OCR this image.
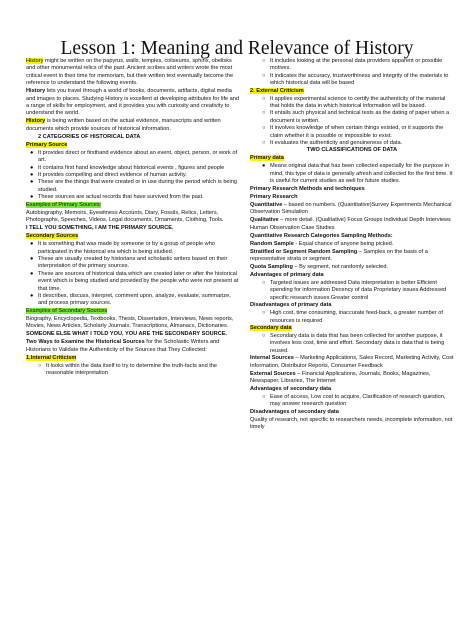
Lesson 1: Meaning and Relevance of History

History might be written on the papyrus, walls, temples, coliseums, sphinx, obelisks and other monumental relics of the past. Ancient scribes and writers wrote the most critical event in their time for memoriam, but their written text eventually become the reference to understand the following events.

History lets you travel through a world of books, documents, artifacts, digital media and images to places. Studying History is excellent at developing attributes for life and a range of skills for employment, and it provides you with curiosity and creativity to understand the world.

History is being written based on the actual evidence, manuscripts and written documents which provide sources of historical information.

2 CATEGORIES OF HISTORICAL DATA

Primary Source

● It provides direct or firsthand evidence about an event, object, person, or work of art.

● It contains first hand knowledge about historical events , figures and people

● It provides compelling and direct evidence of human activity.

● These are the things that were created or in use during the period which is being studied.

● These sources are actual records that have survived from the past.

Examples of Primary Sources:

Autobiography, Memoirs, Eyewitness Accounts, Diary, Fossils, Relics, Letters, Photographs, Speeches, Videos, Legal documents, Ornaments, Clothing, Tools.

I TELL YOU SOMETHING, I AM THE PRIMARY SOURCE.

Secondary Sources

● It is something that was made by someone or by a group of people who participated in the historical era which is being studied.

● These are usually created by historians and scholastic writers based on their interpretation of the primary sources.

● These are sources of historical data which are created later or after the historical event which is being studied and provided by the people who were not present at that time.

● It describes, discuss, interpret, comment upon, analyze, evaluate, summarize, and process primary sources.

Examples of Secondary Sources

Biography, Encyclopedia, Textbooks, Thesis, Dissertation, Interviews, News reports, Movies, News Articles, Scholarly Journals, Transcriptions, Almanacs, Dictionaries.

SOMEONE ELSE WHAT I TOLD YOU, YOU ARE THE SECONDARY SOURCE.

Two Ways to Examine the Historical Sources for the Scholastic Writers and Historians to Validate the Authenticity of the Sources that They Collected:

1.Internal Criticism

○ It looks within the data itself to try to determine the truth-facts and the reasonable interpretation

○ It includes looking at the personal data providers apparent or possible motives.

○ It indicates the accuracy, trustworthiness and integrity of the materials to which historical data will be based

2. External Criticism

○ It applies experimental science to certify the authenticity of the material that holds the data in which historical information will be based.

○ It entails such physical and technical tests as the dating of paper when a document is written.

○ It involves knowledge of when certain things existed, or it supports the claim whether it is possible or impossible to exist.

○ It evaluates the authenticity and genuineness of data.

TWO CLASSIFICATIONS OF DATA

Primary data

● Means original data that has been collected especially for the purpose in mind, this type of data is generally afresh and collected for the first time. It is useful for current studies as well for future studies.

Primary Research Methods and techniques

Primary Research

Quantitative – based on numbers. (Quantitative)Survey Experiments Mechanical Observation Simulation

Qualitative – more detail. (Qualitative) Focus Groups Individual Depth Interviews Human Observation Case Studies

Quantitative Research Categories Sampling Methods:

Random Sample - Equal chance of anyone being picked.

Stratified or Segment Random Sampling – Samples on the basis of a representative strata or segment.

Quota Sampling – By segment, not randomly selected.

Advantages of primary data

○ Targeted issues are addressed Data interpretation is better Efficient spending for information Decency of data Proprietary issues Addressed specific research issues Greater control

Disadvantages of primary data

○ High cost, time consuming, inaccurate feed-back, a greater number of resources is required

Secondary data

○ Secondary data is data that has been collected for another purpose, it involves less cost, time and effort. Secondary data is data that is being reused.

Internal Sources – Marketing Applications, Sales Record, Marketing Activity, Cost Information, Distributor Reports, Consumer Feedback

External Sources – Financial Applications, Journals, Books, Magazines, Newspaper, Libraries, The Internet

Advantages of secondary data

○ Ease of access, Low cost to acquire, Clarification of research question, may answer research question

Disadvantages of secondary data

Quality of research, not specific to researchers needs, incomplete information, not timely
